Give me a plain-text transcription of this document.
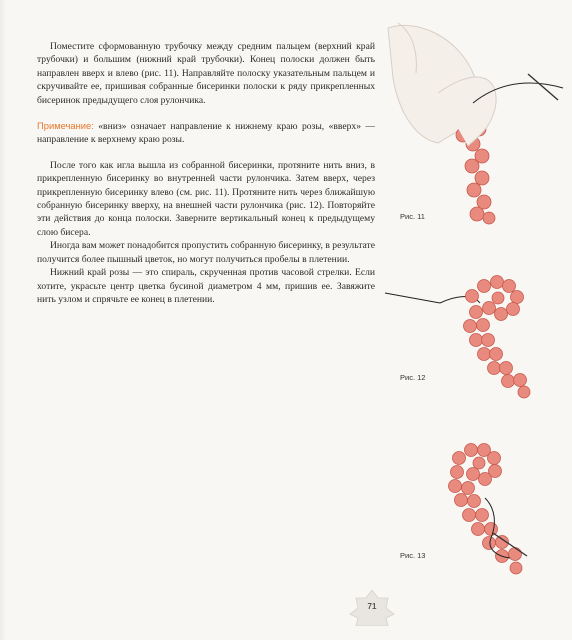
Поместите сформованную трубочку между средним пальцем (верхний край трубочки) и большим (нижний край трубочки). Конец полоски должен быть направлен вверх и влево (рис. 11). Направляйте полоску указательным пальцем и скручивайте ее, пришивая собранные бисеринки полоски к ряду прикрепленных бисеринок предыдущего слоя рулончика.

Примечание: «вниз» означает направление к нижнему краю розы, «вверх» — направление к верхнему краю розы.

После того как игла вышла из собранной бисеринки, протяните нить вниз, в прикрепленную бисеринку во внутренней части рулончика. Затем вверх, через прикрепленную бисеринку влево (см. рис. 11). Протяните нить через ближайшую собранную бисеринку вверху, на внешней части рулончика (рис. 12). Повторяйте эти действия до конца полоски. Заверните вертикальный конец к предыдущему слою бисера.

Иногда вам может понадобится пропустить собранную бисеринку, в результате получится более пышный цветок, но могут получиться пробелы в плетении.

Нижний край розы — это спираль, скрученная против часовой стрелки. Если хотите, украсьте центр цветка бусиной диаметром 4 мм, пришив ее. Завяжите нить узлом и спрячьте ее конец в плетении.

Рис. 11
Рис. 12
Рис. 13
71
